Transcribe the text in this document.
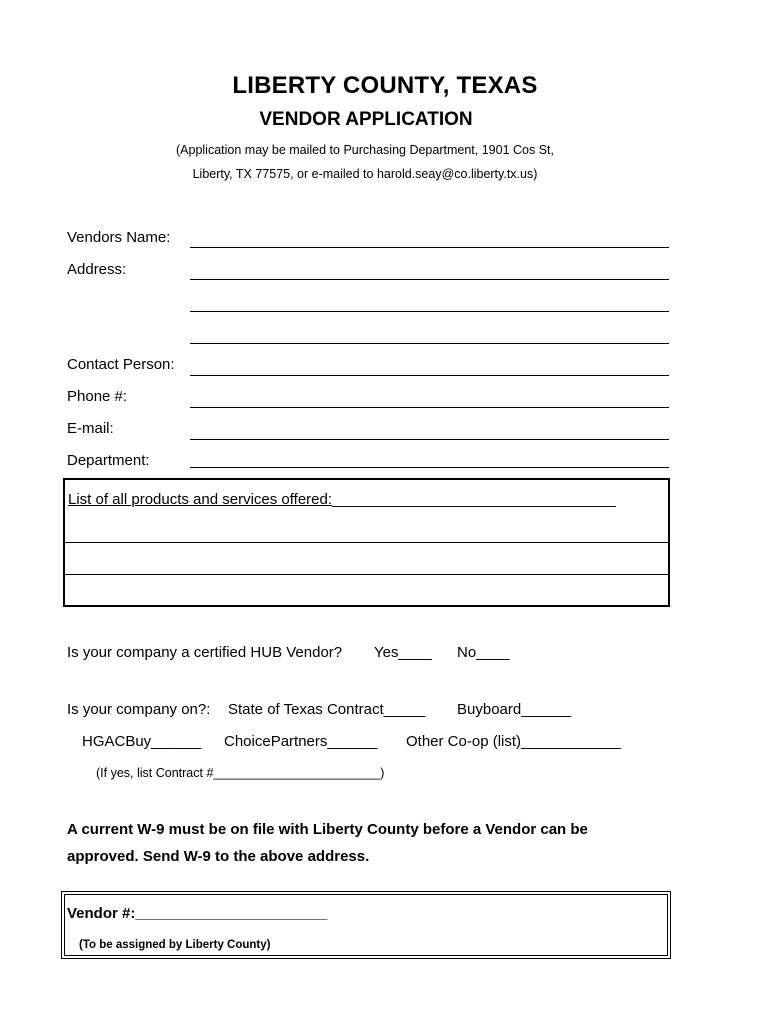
LIBERTY COUNTY, TEXAS
VENDOR APPLICATION
(Application may be mailed to Purchasing Department, 1901 Cos St,
Liberty, TX 77575, or e-mailed to harold.seay@co.liberty.tx.us)
Vendors Name:
Address:
Contact Person:
Phone #:
E-mail:
Department:
List of all products and services offered:__________________________________
Is your company a certified HUB Vendor? Yes____ No____
Is your company on?: State of Texas Contract_____ Buyboard______
HGACBuy______ ChoicePartners______ Other Co-op (list)____________
(If yes, list Contract #________________________)
A current W-9 must be on file with Liberty County before a Vendor can be
approved. Send W-9 to the above address.
Vendor #:_______________________
(To be assigned by Liberty County)
